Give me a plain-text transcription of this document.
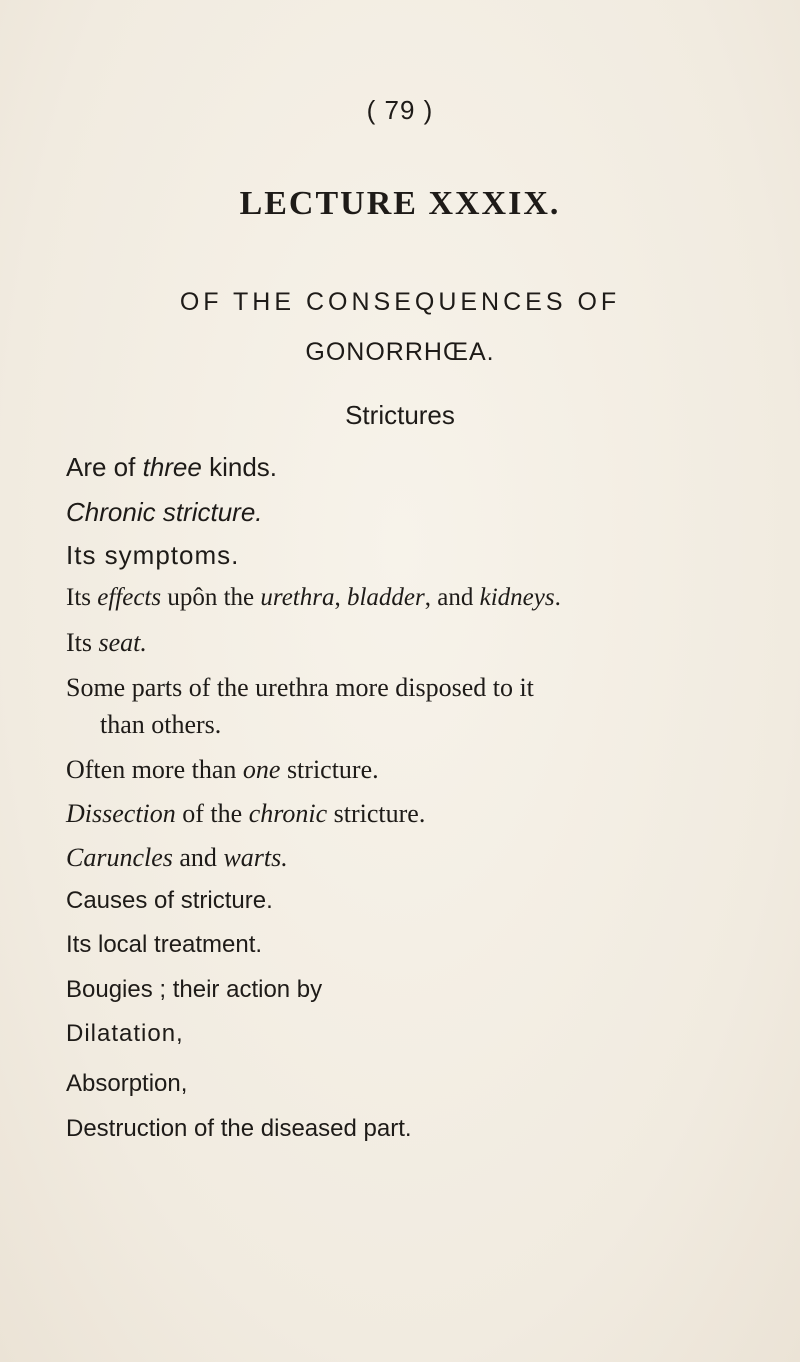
( 79 )
LECTURE XXXIX.
OF THE CONSEQUENCES OF
GONORRHŒA.
Strictures
Are of three kinds.
Chronic stricture.
Its symptoms.
Its effects upôn the urethra, bladder, and kidneys.
Its seat.
Some parts of the urethra more disposed to it
than others.
Often more than one stricture.
Dissection of the chronic stricture.
Caruncles and warts.
Causes of stricture.
Its local treatment.
Bougies ; their action by
Dilatation,
Absorption,
Destruction of the diseased part.
